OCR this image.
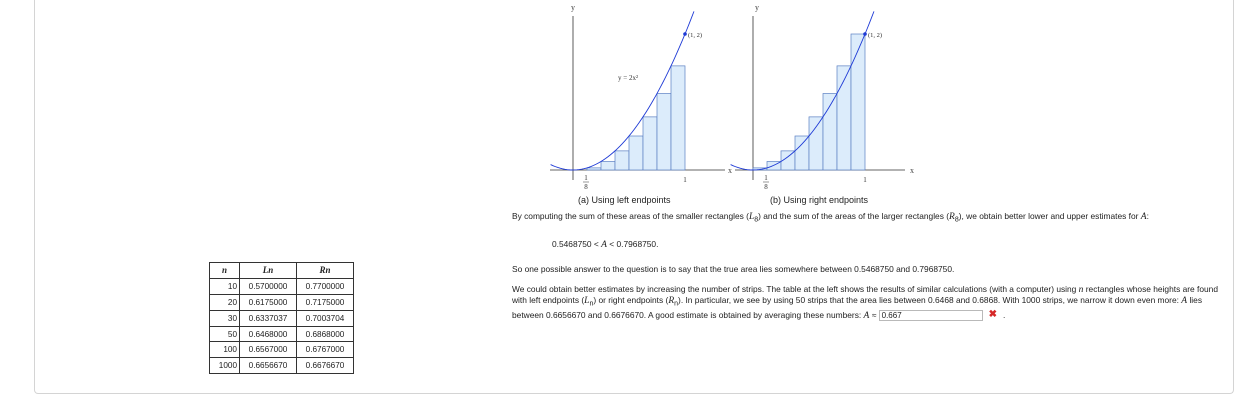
y
x
(1, 2)
y = 2x²
1
8
1
y
x
(1, 2)
1
8
1
(a) Using left endpoints	(b) Using right endpoints
By computing the sum of these areas of the smaller rectangles $(L_8)$ and the sum of the areas of the larger rectangles $(R_8)$, we obtain better lower and upper estimates for A:
0.5468750 < A < 0.7968750.
So one possible answer to the question is to say that the true area lies somewhere between 0.5468750 and 0.7968750.
We could obtain better estimates by increasing the number of strips. The table at the left shows the results of similar calculations (with a computer) using n rectangles whose heights are found with left endpoints $(L_n)$ or right endpoints $(R_n)$. In particular, we see by using 50 strips that the area lies between 0.6468 and 0.6868. With 1000 strips, we narrow it down even more: A lies between 0.6656670 and 0.6676670. A good estimate is obtained by averaging these numbers: A ≈ 0.667	✖ .
n	Ln	Rn
10	0.5700000	0.7700000
20	0.6175000	0.7175000
30	0.6337037	0.7003704
50	0.6468000	0.6868000
100	0.6567000	0.6767000
1000	0.6656670	0.6676670
